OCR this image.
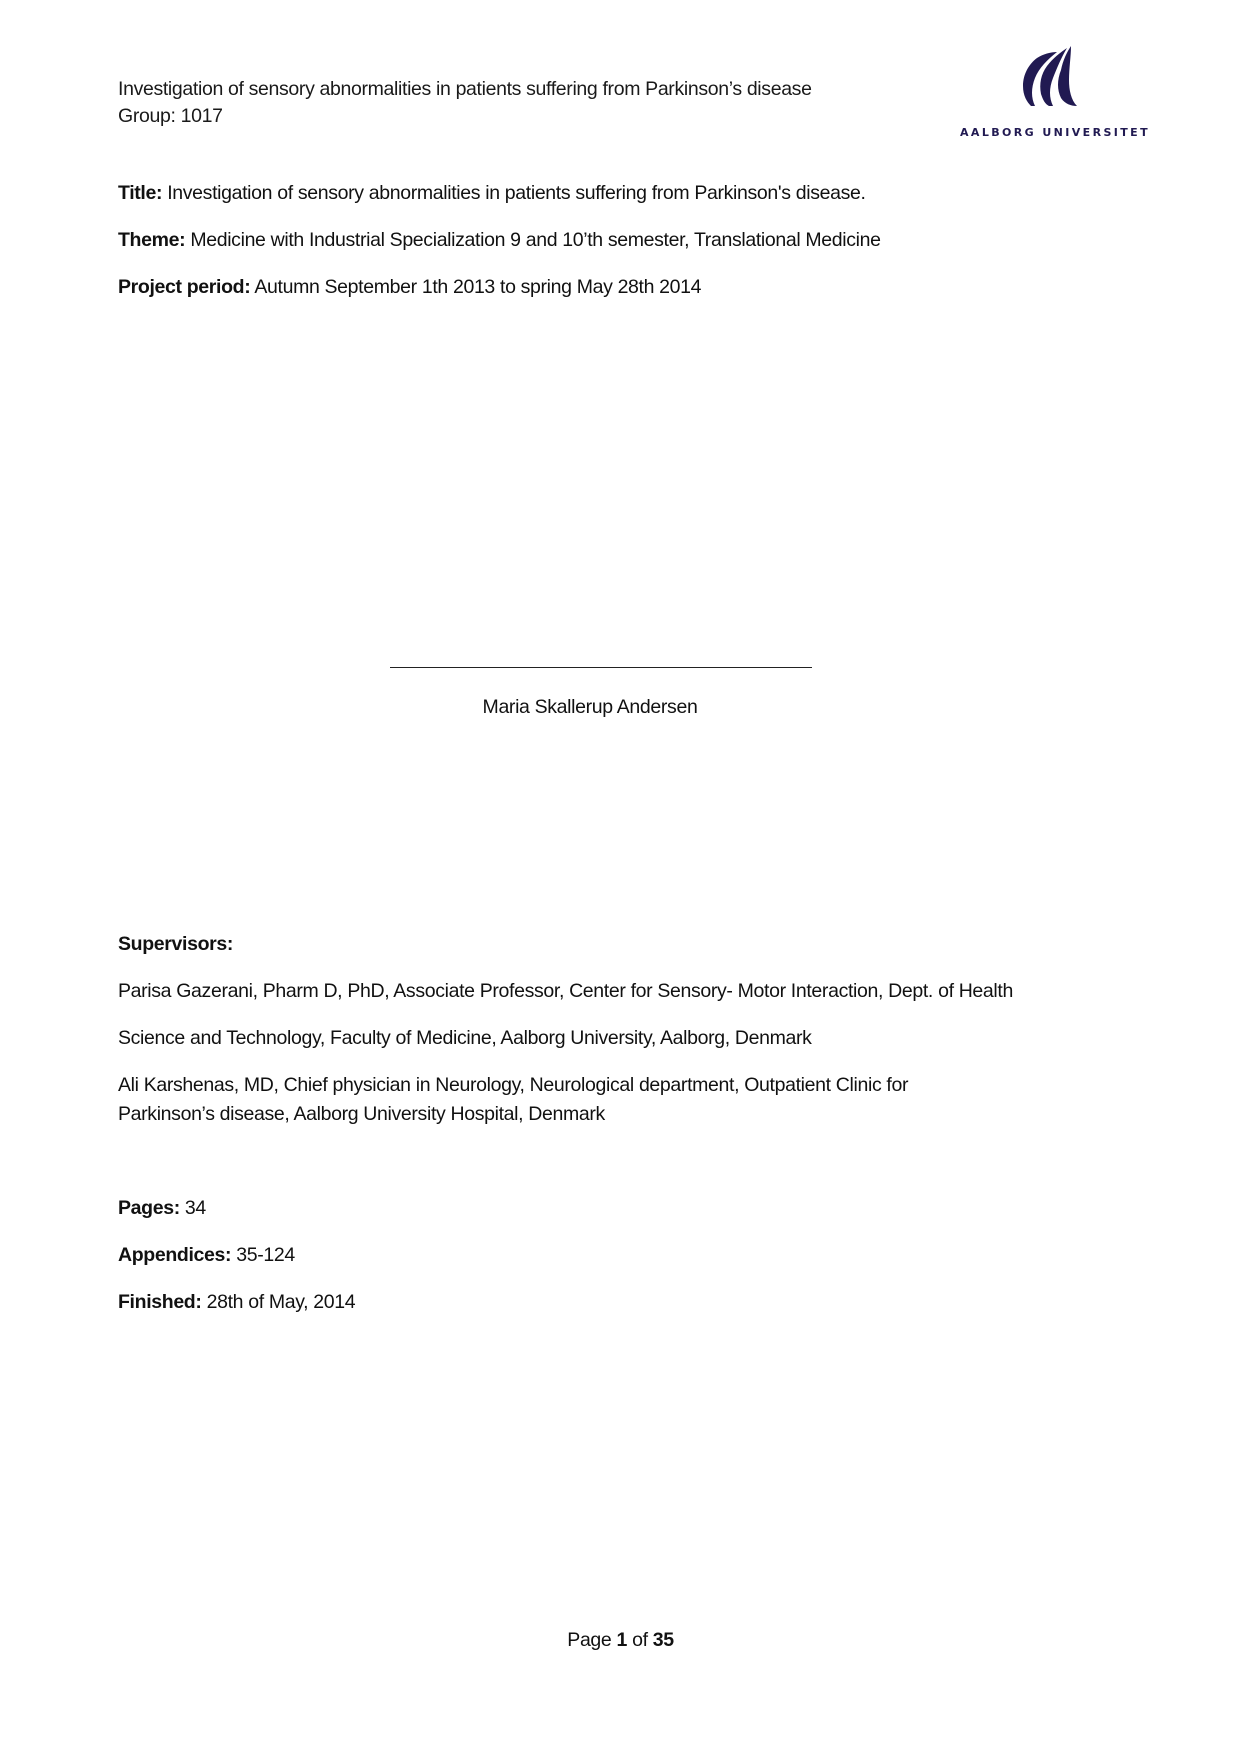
Investigation of sensory abnormalities in patients suffering from Parkinson’s disease
Group: 1017
AALBORG UNIVERSITET
Title: Investigation of sensory abnormalities in patients suffering from Parkinson's disease.
Theme: Medicine with Industrial Specialization 9 and 10’th semester, Translational Medicine
Project period: Autumn September 1th 2013 to spring May 28th 2014
Maria Skallerup Andersen
Supervisors:
Parisa Gazerani, Pharm D, PhD, Associate Professor, Center for Sensory- Motor Interaction, Dept. of Health
Science and Technology, Faculty of Medicine, Aalborg University, Aalborg, Denmark
Ali Karshenas, MD, Chief physician in Neurology, Neurological department, Outpatient Clinic for
Parkinson’s disease, Aalborg University Hospital, Denmark
Pages: 34
Appendices: 35-124
Finished: 28th of May, 2014
Page 1 of 35
